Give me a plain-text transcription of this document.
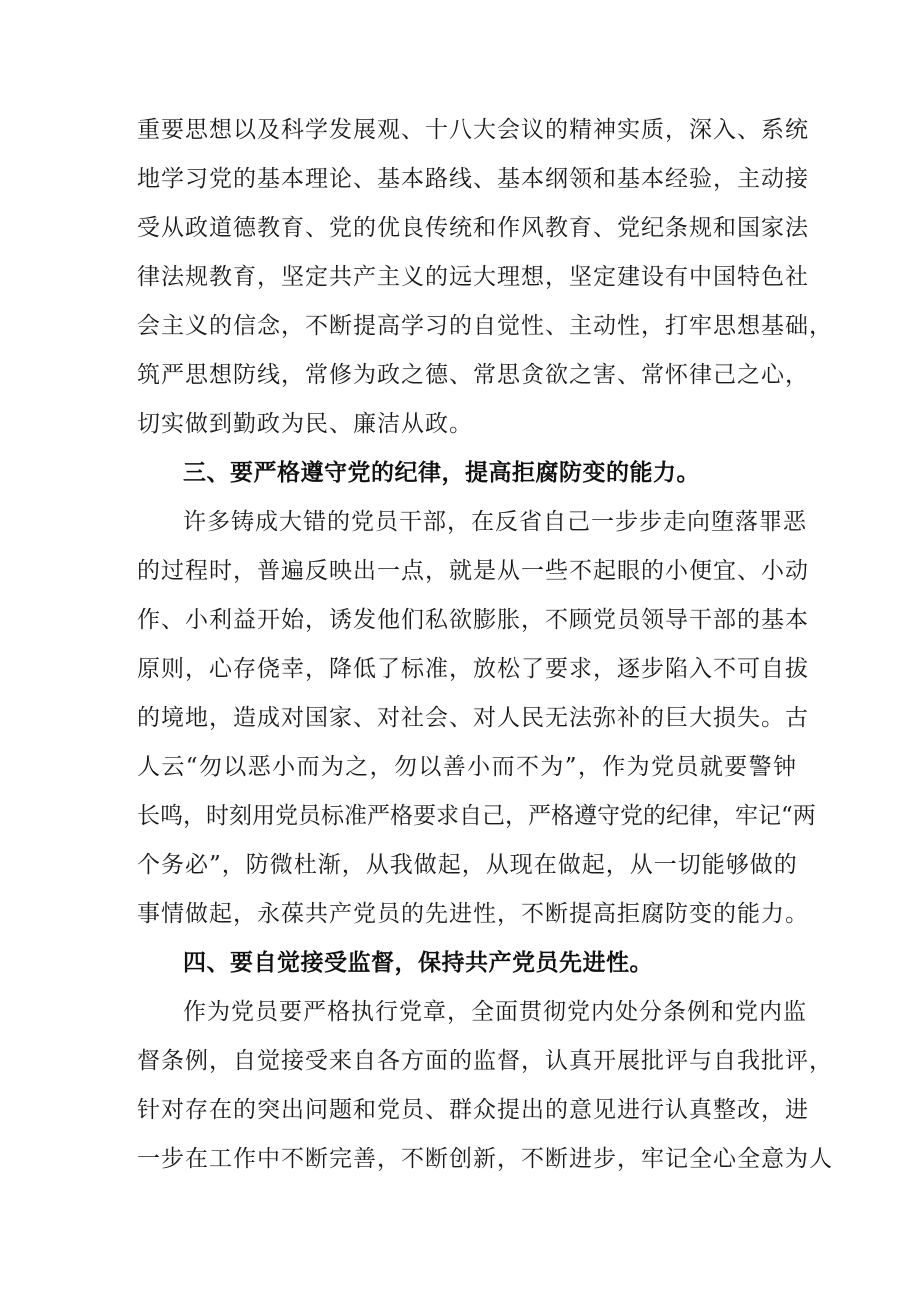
重要思想以及科学发展观、十八大会议的精神实质，深入、系统
地学习党的基本理论、基本路线、基本纲领和基本经验，主动接
受从政道德教育、党的优良传统和作风教育、党纪条规和国家法
律法规教育，坚定共产主义的远大理想，坚定建设有中国特色社
会主义的信念，不断提高学习的自觉性、主动性，打牢思想基础，
筑严思想防线，常修为政之德、常思贪欲之害、常怀律己之心，
切实做到勤政为民、廉洁从政。
三、要严格遵守党的纪律，提高拒腐防变的能力。
许多铸成大错的党员干部，在反省自己一步步走向堕落罪恶
的过程时，普遍反映出一点，就是从一些不起眼的小便宜、小动
作、小利益开始，诱发他们私欲膨胀，不顾党员领导干部的基本
原则，心存侥幸，降低了标准，放松了要求，逐步陷入不可自拔
的境地，造成对国家、对社会、对人民无法弥补的巨大损失。古
人云“勿以恶小而为之，勿以善小而不为”，作为党员就要警钟
长鸣，时刻用党员标准严格要求自己，严格遵守党的纪律，牢记“两
个务必”，防微杜渐，从我做起，从现在做起，从一切能够做的
事情做起，永葆共产党员的先进性，不断提高拒腐防变的能力。
四、要自觉接受监督，保持共产党员先进性。
作为党员要严格执行党章，全面贯彻党内处分条例和党内监
督条例，自觉接受来自各方面的监督，认真开展批评与自我批评，
针对存在的突出问题和党员、群众提出的意见进行认真整改，进
一步在工作中不断完善，不断创新，不断进步，牢记全心全意为人
